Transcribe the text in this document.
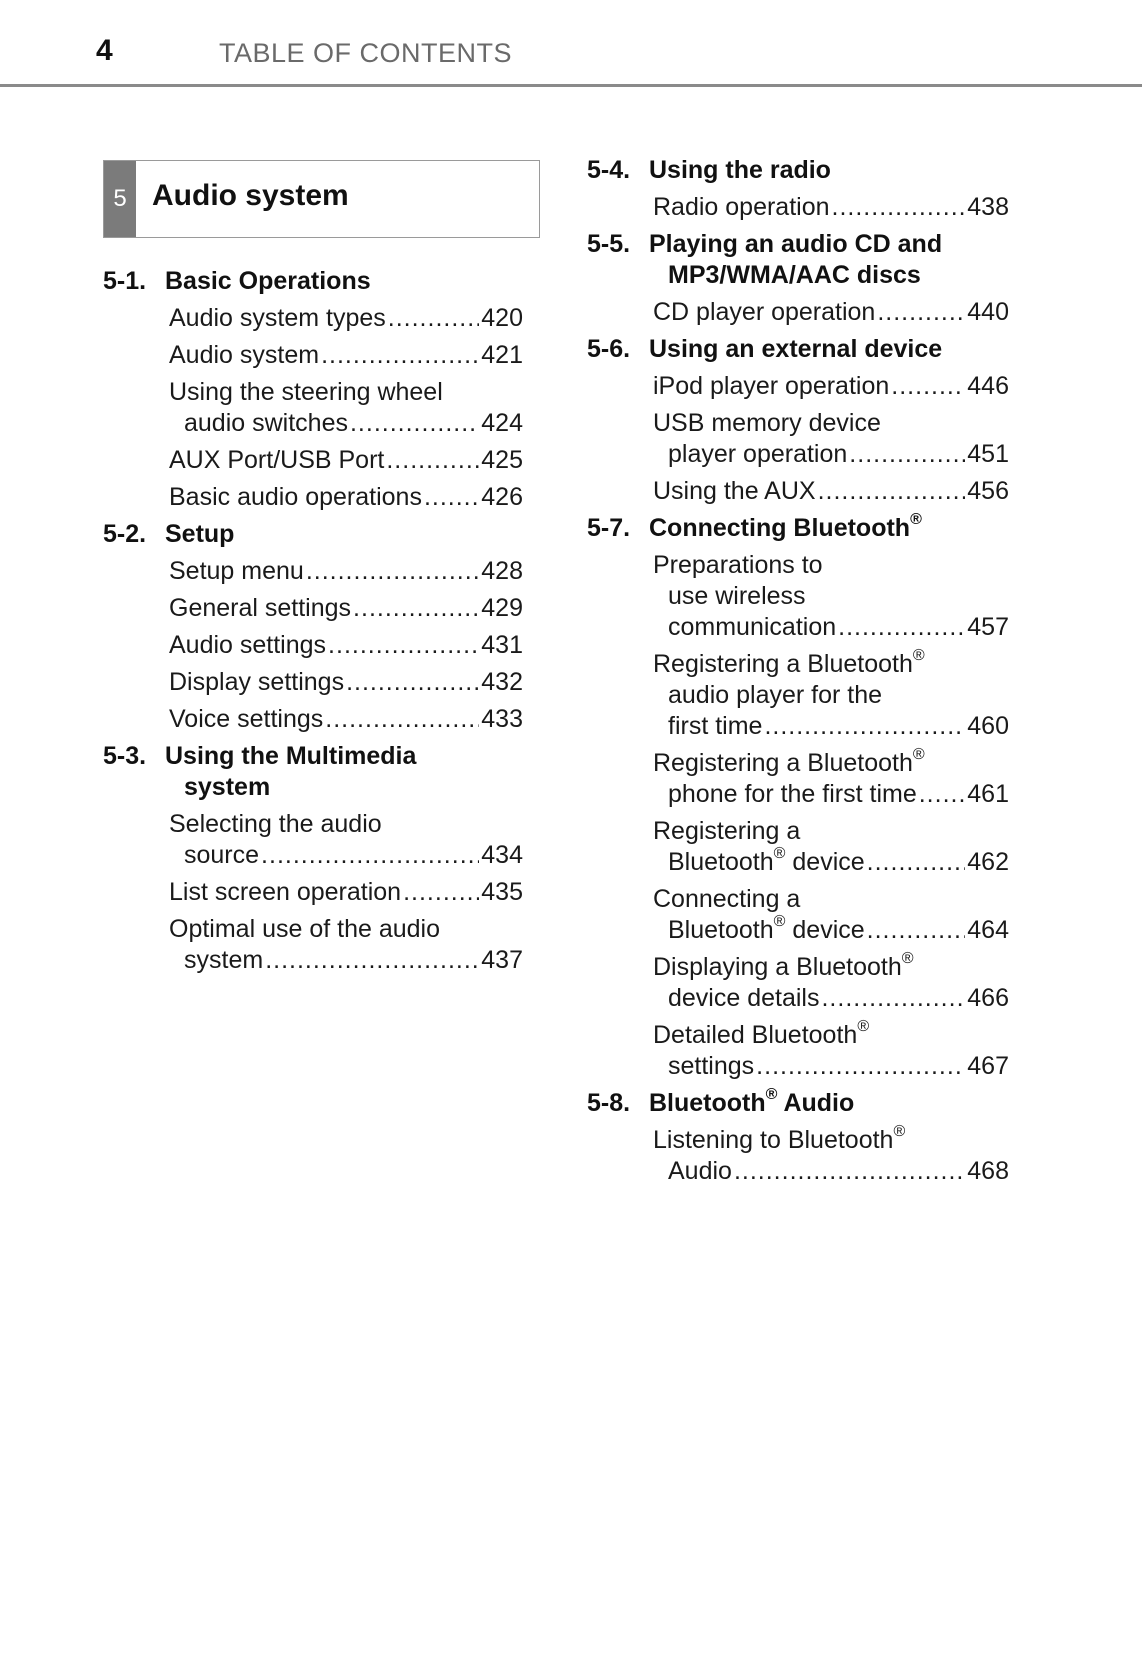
4	TABLE OF CONTENTS
5 Audio system
5-1. Basic Operations
Audio system types .....	420
Audio system .....	421
Using the steering wheel
audio switches .....	424
AUX Port/USB Port .....	425
Basic audio operations ..... 426
5-2. Setup
Setup menu .....	428
General settings .....	429
Audio settings .....	431
Display settings .....	432
Voice settings .....	433
5-3. Using the Multimedia
system
Selecting the audio
source .....	434
List screen operation .....	435
Optimal use of the audio
system .....	437
5-4. Using the radio
Radio operation .....	438
5-5. Playing an audio CD and
MP3/WMA/AAC discs
CD player operation .....	440
5-6. Using an external device
iPod player operation .....	446
USB memory device
player operation .....	451
Using the AUX .....	456
5-7. Connecting Bluetooth®
Preparations to
use wireless
communication .....	457
Registering a Bluetooth®
audio player for the
first time .....	460
Registering a Bluetooth®
phone for the first time ..... 461
Registering a
Bluetooth® device .....	462
Connecting a
Bluetooth® device .....	464
Displaying a Bluetooth®
device details .....	466
Detailed Bluetooth®
settings .....	467
5-8. Bluetooth® Audio
Listening to Bluetooth®
Audio .....	468
